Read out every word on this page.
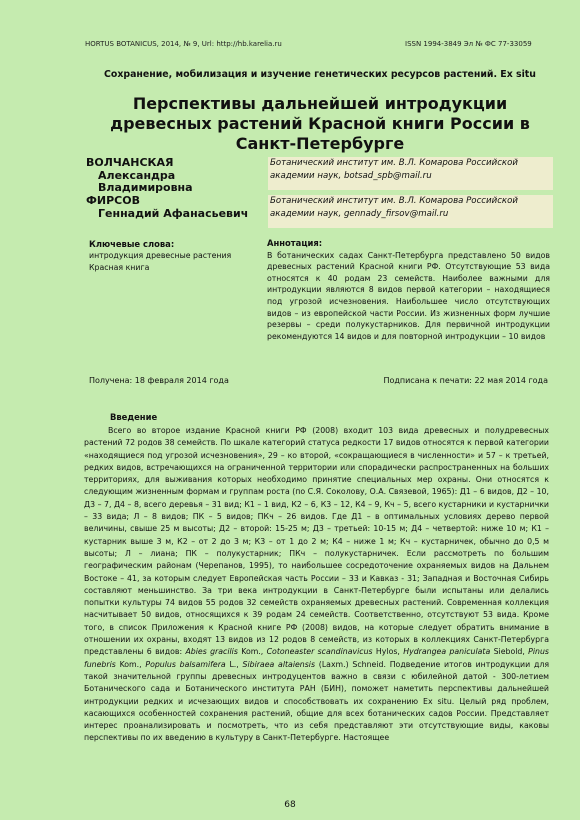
HORTUS BOTANICUS, 2014, № 9, Url: http://hb.karelia.ru	ISSN 1994-3849 Эл № ФС 77-33059
Сохранение, мобилизация и изучение генетических ресурсов растений. Ex situ
Перспективы дальнейшей интродукции древесных растений Красной книги России в Санкт-Петербурге
ВОЛЧАНСКАЯ
Александра Владимировна
Ботанический институт им. В.Л. Комарова Российской академии наук, botsad_spb@mail.ru
ФИРСОВ
Геннадий Афанасьевич
Ботанический институт им. В.Л. Комарова Российской академии наук, gennady_firsov@mail.ru
Ключевые слова:
интродукция древесные растения Красная книга
Аннотация:
В ботанических садах Санкт-Петербурга представлено 50 видов древесных растений Красной книги РФ. Отсутствующие 53 вида относятся к 40 родам 23 семейств. Наиболее важными для интродукции являются 8 видов первой категории – находящиеся под угрозой исчезновения. Наибольшее число отсутствующих видов – из европейской части России. Из жизненных форм лучшие резервы – среди полукустарников. Для первичной интродукции рекомендуются 14 видов и для повторной интродукции – 10 видов
Получена: 18 февраля 2014 года	Подписана к печати: 22 мая 2014 года
Введение
Всего во второе издание Красной книги РФ (2008) входит 103 вида древесных и полудревесных растений 72 родов 38 семейств. По шкале категорий статуса редкости 17 видов относятся к первой категории «находящиеся под угрозой исчезновения», 29 – ко второй, «сокращающиеся в численности» и 57 – к третьей, редких видов, встречающихся на ограниченной территории или спорадически распространенных на больших территориях, для выживания которых необходимо принятие специальных мер охраны. Они относятся к следующим жизненным формам и группам роста (по С.Я. Соколову, О.А. Связевой, 1965): Д1 – 6 видов, Д2 – 10, Д3 – 7, Д4 – 8, всего деревья – 31 вид; К1 – 1 вид, К2 – 6, К3 – 12, К4 – 9, Кч – 5, всего кустарники и кустарнички – 33 вида; Л – 8 видов; ПК – 5 видов; ПКч – 26 видов. Где Д1 – в оптимальных условиях дерево первой величины, свыше 25 м высоты; Д2 – второй: 15-25 м; Д3 – третьей: 10-15 м; Д4 – четвертой: ниже 10 м; К1 – кустарник выше 3 м, К2 – от 2 до 3 м; К3 – от 1 до 2 м; К4 – ниже 1 м; Кч – кустарничек, обычно до 0,5 м высоты; Л – лиана; ПК – полукустарник; ПКч – полукустарничек. Если рассмотреть по большим географическим районам (Черепанов, 1995), то наибольшее сосредоточение охраняемых видов на Дальнем Востоке – 41, за которым следует Европейская часть России – 33 и Кавказ - 31; Западная и Восточная Сибирь составляют меньшинство. За три века интродукции в Санкт-Петербурге были испытаны или делались попытки культуры 74 видов 55 родов 32 семейств охраняемых древесных растений. Современная коллекция насчитывает 50 видов, относящихся к 39 родам 24 семейств. Соответственно, отсутствуют 53 вида. Кроме того, в список Приложения к Красной книге РФ (2008) видов, на которые следует обратить внимание в отношении их охраны, входят 13 видов из 12 родов 8 семейств, из которых в коллекциях Санкт-Петербурга представлены 6 видов: Abies gracilis Kom., Cotoneaster scandinavicus Hylos, Hydrangea paniculata Siebold, Pinus funebris Kom., Populus balsamifera L., Sibiraea altaiensis (Laxm.) Schneid. Подведение итогов интродукции для такой значительной группы древесных интродуцентов важно в связи с юбилейной датой - 300-летием Ботанического сада и Ботанического института РАН (БИН), поможет наметить перспективы дальнейшей интродукции редких и исчезающих видов и способствовать их сохранению Ex situ. Целый ряд проблем, касающихся особенностей сохранения растений, общие для всех ботанических садов России. Представляет интерес проанализировать и посмотреть, что из себя представляют эти отсутствующие виды, каковы перспективы по их введению в культуру в Санкт-Петербурге. Настоящее
68
